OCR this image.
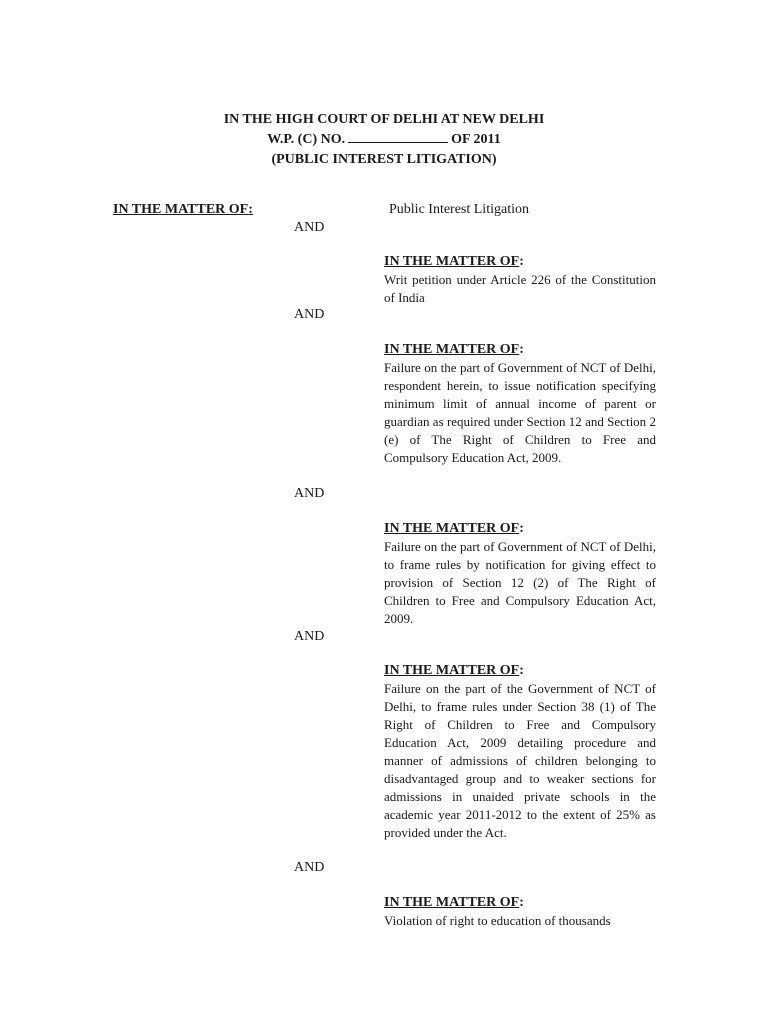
IN THE HIGH COURT OF DELHI AT NEW DELHI
W.P. (C) NO.	OF 2011
(PUBLIC INTEREST LITIGATION)
IN THE MATTER OF:	Public Interest Litigation
AND
IN THE MATTER OF:
Writ petition under Article 226 of the Constitution of India
AND
IN THE MATTER OF:
Failure on the part of Government of NCT of Delhi, respondent herein, to issue notification specifying minimum limit of annual income of parent or guardian as required under Section 12 and Section 2 (e) of The Right of Children to Free and Compulsory Education Act, 2009.
AND
IN THE MATTER OF:
Failure on the part of Government of NCT of Delhi, to frame rules by notification for giving effect to provision of Section 12 (2) of The Right of Children to Free and Compulsory Education Act, 2009.
AND
IN THE MATTER OF:
Failure on the part of the Government of NCT of Delhi, to frame rules under Section 38 (1) of The Right of Children to Free and Compulsory Education Act, 2009 detailing procedure and manner of admissions of children belonging to disadvantaged group and to weaker sections for admissions in unaided private schools in the academic year 2011-2012 to the extent of 25% as provided under the Act.
AND
IN THE MATTER OF:
Violation of right to education of thousands
